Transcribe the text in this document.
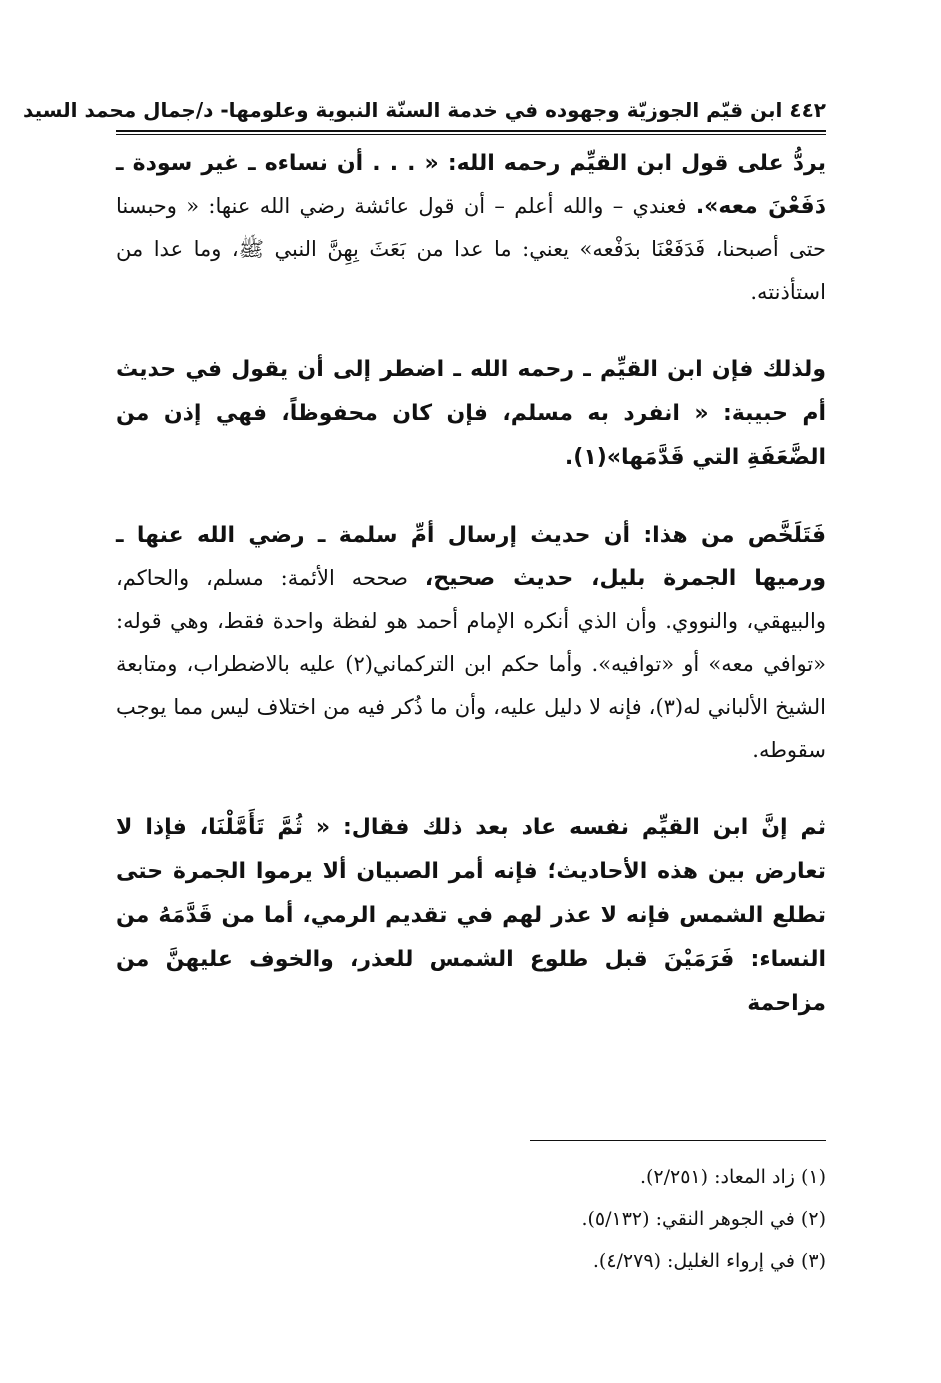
٤٤٢ ابن قيّم الجوزيّة وجهوده في خدمة السنّة النبوية وعلومها- د/جمال محمد السيد

يردُّ على قول ابن القيِّم رحمه الله: « . . . أن نساءه ـ غير سودة ـ دَفَعْنَ معه». فعندي – والله أعلم – أن قول عائشة رضي الله عنها: « وحبسنا حتى أصبحنا، فَدَفَعْنَا بدَفْعه» يعني: ما عدا من بَعَثَ بِهِنَّ النبي ﷺ، وما عدا من استأذنته.

ولذلك فإن ابن القيِّم ـ رحمه الله ـ اضطر إلى أن يقول في حديث أم حبيبة: « انفرد به مسلم، فإن كان محفوظاً، فهي إذن من الضَّعَفَةِ التي قَدَّمَها»(١).

فَتَلَخَّص من هذا: أن حديث إرسال أمِّ سلمة ـ رضي الله عنها ـ ورميها الجمرة بليل، حديث صحيح، صححه الأئمة: مسلم، والحاكم، والبيهقي، والنووي. وأن الذي أنكره الإمام أحمد هو لفظة واحدة فقط، وهي قوله: «توافي معه» أو «توافيه». وأما حكم ابن التركماني(٢) عليه بالاضطراب، ومتابعة الشيخ الألباني له(٣)، فإنه لا دليل عليه، وأن ما ذُكر فيه من اختلاف ليس مما يوجب سقوطه.

ثم إنَّ ابن القيِّم نفسه عاد بعد ذلك فقال: « ثُمَّ تَأَمَّلْنَا، فإذا لا تعارض بين هذه الأحاديث؛ فإنه أمر الصبيان ألا يرموا الجمرة حتى تطلع الشمس فإنه لا عذر لهم في تقديم الرمي، أما من قَدَّمَهُ من النساء: فَرَمَيْنَ قبل طلوع الشمس للعذر، والخوف عليهنَّ من مزاحمة

(١) زاد المعاد: (٢/٢٥١).

(٢) في الجوهر النقي: (٥/١٣٢).

(٣) في إرواء الغليل: (٤/٢٧٩).
